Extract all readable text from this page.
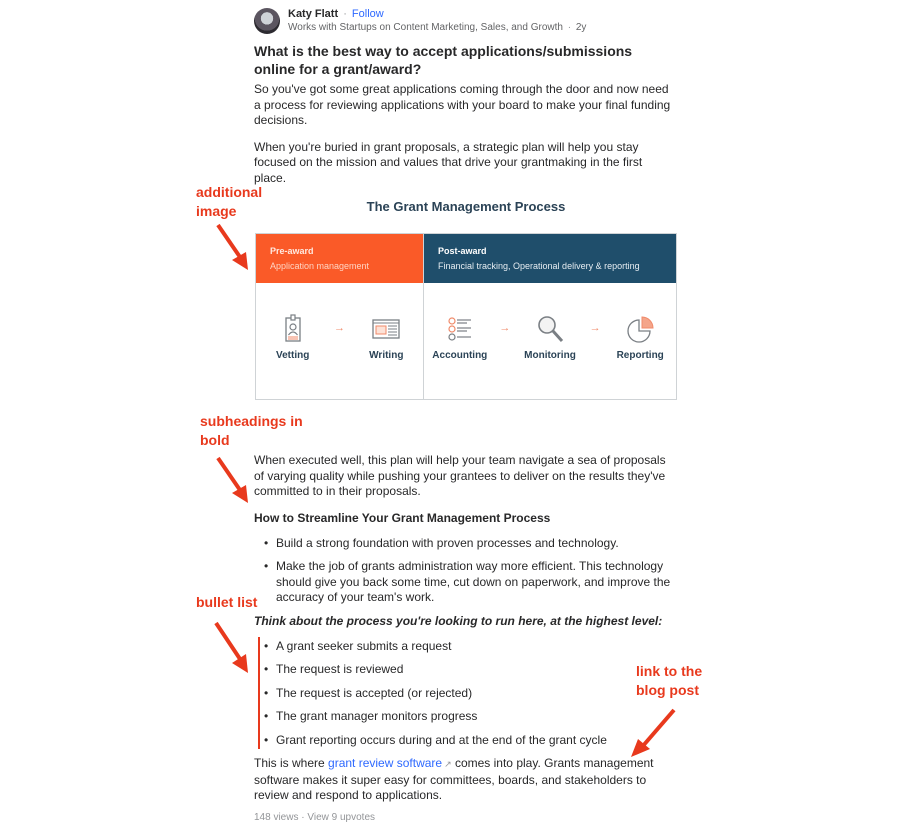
Katy Flatt · Follow
Works with Startups on Content Marketing, Sales, and Growth · 2y
What is the best way to accept applications/submissions online for a grant/award?

So you've got some great applications coming through the door and now need a process for reviewing applications with your board to make your final funding decisions.

When you're buried in grant proposals, a strategic plan will help you stay focused on the mission and values that drive your grantmaking in the first place.

The Grant Management Process
Pre-award
Application management
Vetting
→
Writing
Post-award
Financial tracking, Operational delivery & reporting
Accounting
→
Monitoring
→
Reporting

When executed well, this plan will help your team navigate a sea of proposals of varying quality while pushing your grantees to deliver on the results they've committed to in their proposals.

How to Streamline Your Grant Management Process
• Build a strong foundation with proven processes and technology.
• Make the job of grants administration way more efficient. This technology should give you back some time, cut down on paperwork, and improve the accuracy of your team's work.
Think about the process you're looking to run here, at the highest level:
• A grant seeker submits a request
• The request is reviewed
• The request is accepted (or rejected)
• The grant manager monitors progress
• Grant reporting occurs during and at the end of the grant cycle

This is where grant review software ↗ comes into play. Grants management software makes it super easy for committees, boards, and stakeholders to review and respond to applications.

148 views · View 9 upvotes
additional
image
subheadings in
bold
bullet list
link to the
blog post
